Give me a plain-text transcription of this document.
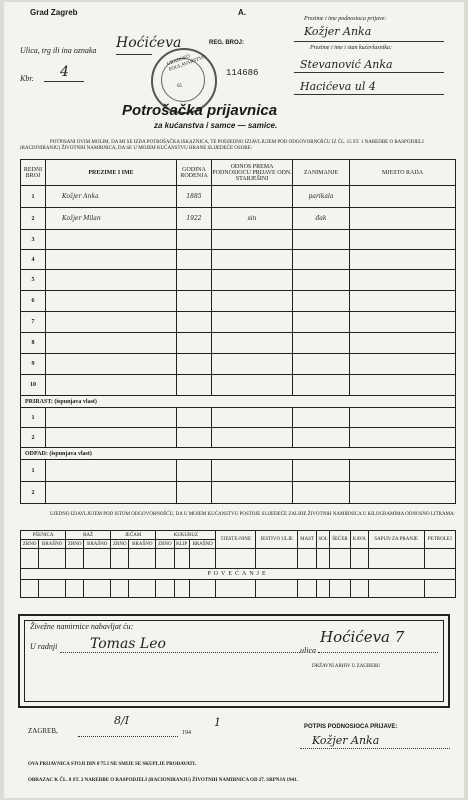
Grad Zagreb	A.
Ulica, trg ili ina oznaka Hoćićeva
Kbr. 4
REG. BROJ:
114686
GRADSKO POGLAVARSTVO
65
Prezime i ime podnosioca prijave:
Kožjer Anka
Prezime i ime i stan kućevlasnika:
Stevanović Anka
Hacićeva ul 4
Potrošačka prijavnica
za kućanstva i samce — samice.
POTPISANI OVIM MOLIM, DA MI SE IZDA POTROŠAČKA ISKAZNICA, TE PODJEDNO IZJAVLJUJEM POD ODGOVORNOŠĆU IZ ČL. 15 ST. 1 NAREDBE O RASPODJELI (RACIONIRANJU) ŽIVOTNIH NAMIRNICA, DA SE U MOJEM KUĆANSTVU HRANE SLIJEDEĆE OSOBE:
REDNI BROJ	PREZIME I IME	GODINA RODENJA	ODNOS PREMA PODNOSIOCU PRIJAVE ODN. STARJEŠINI	ZANIMANJE	MJESTO RADA
1	Kožjer Anka	1885		parikala	
2	Kožjer Milan	1922	sin	đak	
3					
4					
5					
6					
7					
8					
9					
10					
PRIRAST: (ispunjava vlast)					
1					
2					
ODPAD: (ispunjava vlast)					
1					
2					
UJEDNO IZJAVLJUJEM POD ISTOM ODGOVORNOŠĆU, DA U MOJEM KUĆANSTVU POSTOJE SLIJEDEĆE ZALIHE ŽIVOTNIH NAMIRNICA U KILOGRAMIMA ODNOSNO LITRAMA:
PŠENICA		RAŽ		JEČAM		KUKURUZ			TJESTE-NINE	JESTIVO ULJE	MAST	SOL	ŠEĆER	KAVA	SAPUN ZA PRANJE	PETROLEJ
ZRNO	BRAŠNO	ZRNO	BRAŠNO	ZRNO	BRAŠNO	ZRNO	KLIP	BRAŠNO								

POVEĆANJE																

Živežne namirnice nabavljat ću:
U radnji Tomas Leo	ulica
Hoćićeva 7
DRŽAVNI ARHIV U ZAGREBU
ZAGREB,
8/I
194
1	POTPIS PODNOSIOCA PRIJAVE:
Kožjer Anka
OVA PRIJAVNICA STOJI DIN 0'75 I NE SMIJE SE SKUPLJE PRODAVATI.
OBRAZAC K ČL. 8 ST. 2 NAREDBE O RASPODJELI (RACIONIRANJU) ŽIVOTNIH NAMIRNICA OD 27. SRPNJA 1941.
